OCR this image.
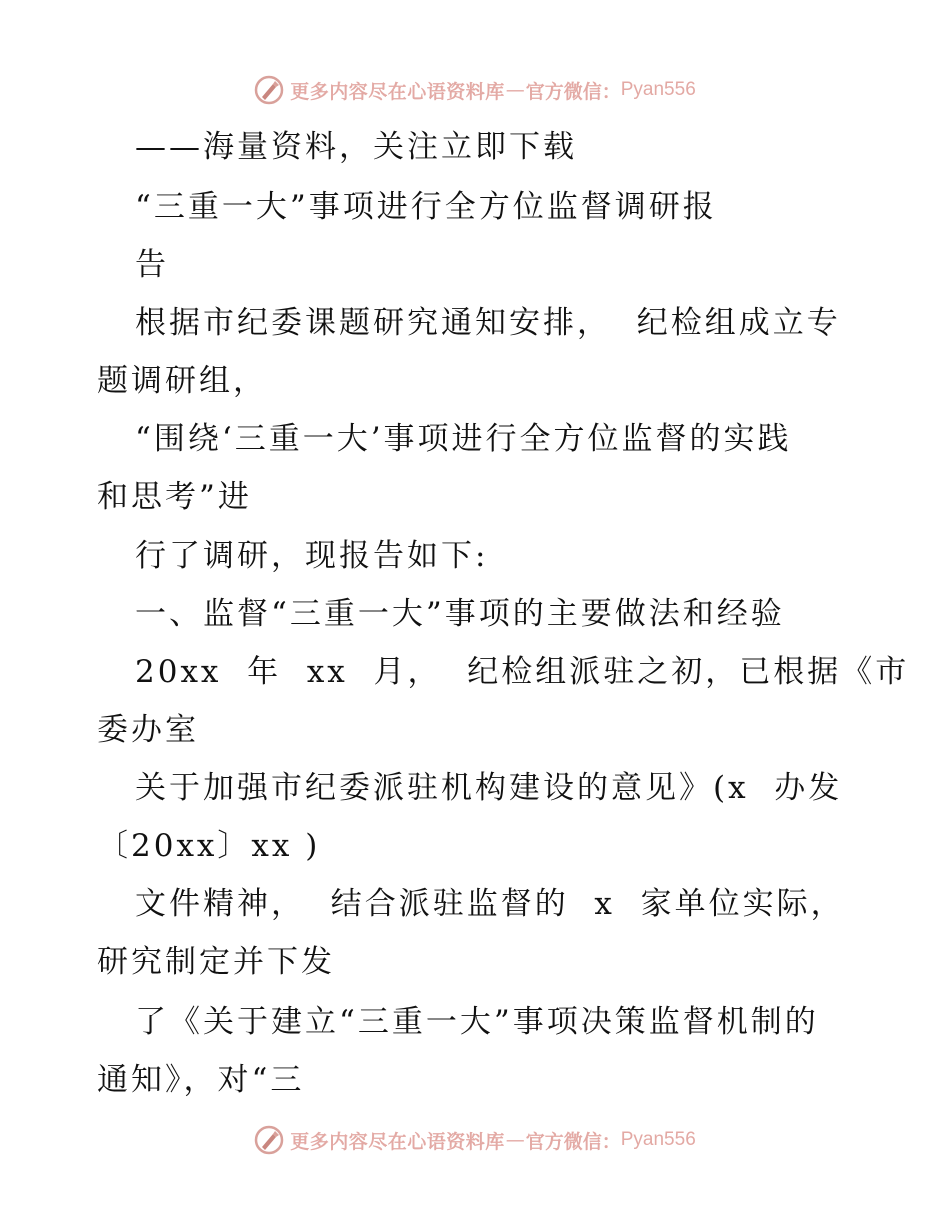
更多内容尽在心语资料库 — 官方微信： Pyan556
——海量资料，关注立即下载
“三重一大”事项进行全方位监督调研报
告
根据市纪委课题研究通知安排，  纪检组成立专
题调研组，
“围绕‘三重一大’事项进行全方位监督的实践
和思考”进
行了调研，现报告如下:
一、监督“三重一大”事项的主要做法和经验
20xx  年  xx  月，  纪检组派驻之初，已根据《市
委办室
关于加强市纪委派驻机构建设的意见》(x  办发
〔20xx〕xx )
文件精神，  结合派驻监督的  x  家单位实际，
研究制定并下发
了《关于建立“三重一大”事项决策监督机制的
通知》，对“三
更多内容尽在心语资料库 — 官方微信： Pyan556
